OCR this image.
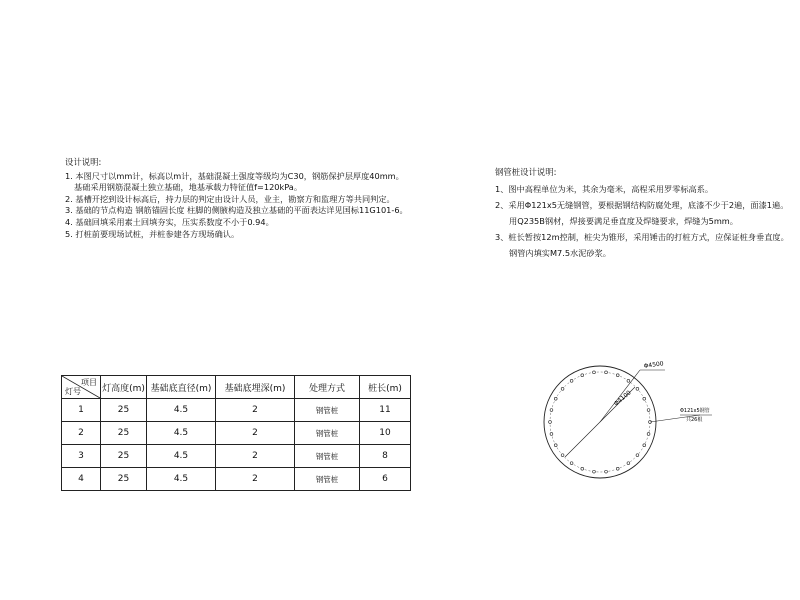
设计说明:
1. 本图尺寸以mm计，标高以m计，基础混凝土强度等级均为C30，钢筋保护层厚度40mm。
基础采用钢筋混凝土独立基础，地基承载力特征值f=120kPa。
2. 基槽开挖到设计标高后，持力层的判定由设计人员，业主，勘察方和监理方等共同判定。
3. 基础的节点构造 钢筋锚固长度 柱脚的侧腋构造及独立基础的平面表达详见国标11G101-6。
4. 基础回填采用素土回填夯实，压实系数度不小于0.94。
5. 打桩前要现场试桩，并桩参建各方现场确认。
钢管桩设计说明:
1、图中高程单位为米，其余为毫米，高程采用罗零标高系。
2、采用Φ121x5无缝钢管，要根据钢结构防腐处理，底漆不少于2遍，面漆1遍。
用Q235B钢材，焊接要满足垂直度及焊缝要求，焊缝为5mm。
3、桩长暂按12m控制，桩尖为锥形，采用锤击的打桩方式，应保证桩身垂直度。
钢管内填实M7.5水泥砂浆。
项目
灯号	灯高度(m)	基础底直径(m)	基础底埋深(m)	处理方式	桩长(m)
1	25	4.5	2	钢管桩	11
2	25	4.5	2	钢管桩	10
3	25	4.5	2	钢管桩	8
4	25	4.5	2	钢管桩	6
Φ4500
Φ4100
Φ121x5钢管
共26根
